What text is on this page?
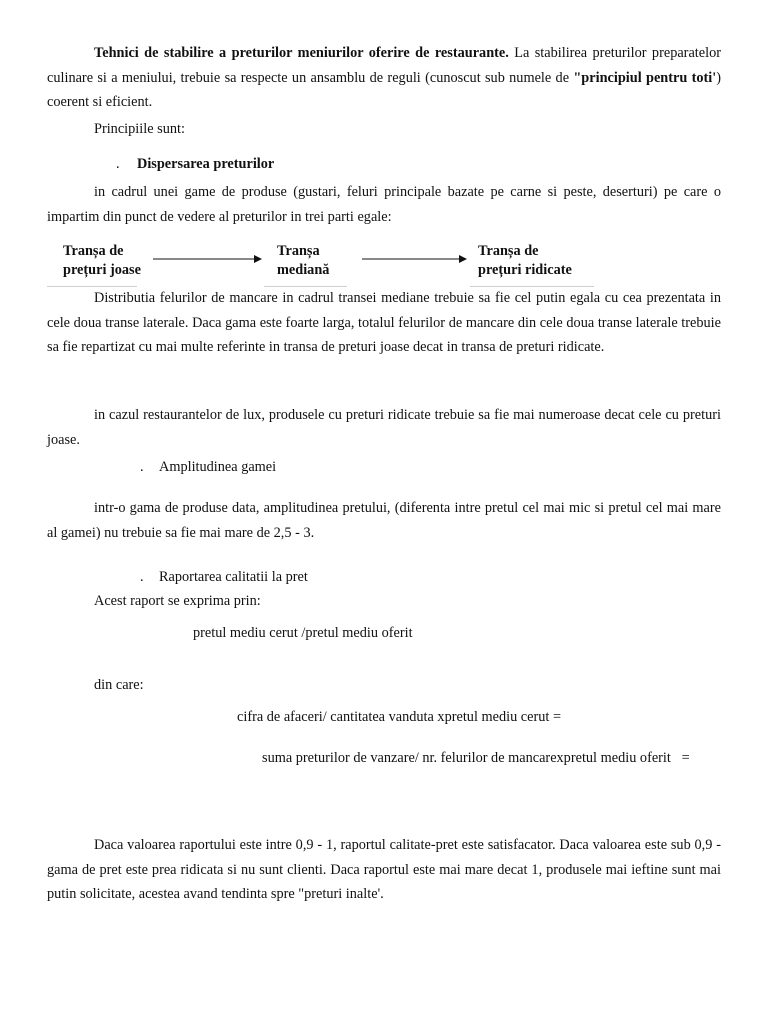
Tehnici de stabilire a preturilor meniurilor oferire de restaurante. La stabilirea preturilor preparatelor culinare si a meniului, trebuie sa respecte un ansamblu de reguli (cunoscut sub numele de "principiul pentru toti') coerent si eficient.

Principiile sunt:

. Dispersarea preturilor

in cadrul unei game de produse (gustari, feluri principale bazate pe carne si peste, deserturi) pe care o impartim din punct de vedere al preturilor in trei parti egale:

Tranșa de
prețuri joase
Tranșa
mediană
Tranșa de
prețuri ridicate

Distributia felurilor de mancare in cadrul transei mediane trebuie sa fie cel putin egala cu cea prezentata in cele doua transe laterale. Daca gama este foarte larga, totalul felurilor de mancare din cele doua transe laterale trebuie sa fie repartizat cu mai multe referinte in transa de preturi joase decat in transa de preturi ridicate.

in cazul restaurantelor de lux, produsele cu preturi ridicate trebuie sa fie mai numeroase decat cele cu preturi joase.

. Amplitudinea gamei

intr-o gama de produse data, amplitudinea pretului, (diferenta intre pretul cel mai mic si pretul cel mai mare al gamei) nu trebuie sa fie mai mare de 2,5 - 3.

. Raportarea calitatii la pret

Acest raport se exprima prin:

pretul mediu cerut /pretul mediu oferit

din care:

cifra de afaceri/ cantitatea vanduta xpretul mediu cerut =

suma preturilor de vanzare/ nr. felurilor de mancarexpretul mediu oferit   =

Daca valoarea raportului este intre 0,9 - 1, raportul calitate-pret este satisfacator. Daca valoarea este sub 0,9 - gama de pret este prea ridicata si nu sunt clienti. Daca raportul este mai mare decat 1, produsele mai ieftine sunt mai putin solicitate, acestea avand tendinta spre "preturi inalte'.
